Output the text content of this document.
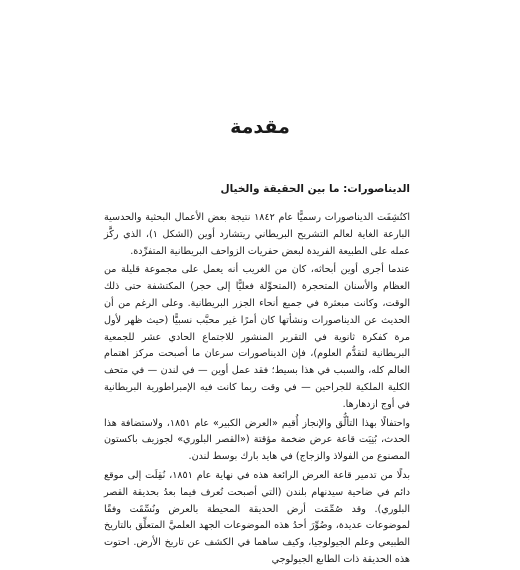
مقدمة
الديناصورات: ما بين الحقيقة والخيال

اكتُشِفَت الديناصورات رسميًّا عام ١٨٤٢ نتيجة بعض الأعمال البحثية والحدسية البارعة الغاية لعالم التشريح البريطاني ريتشارد أوين (الشكل ١)، الذي ركَّز عمله على الطبيعة الفريدة لبعض حفريات الزواحف البريطانية المتفرِّدة.

عندما أجرى أوين أبحاثه، كان من الغريب أنه يعمل على مجموعة قليلة من العظام والأسنان المتحجرة (المتحوِّلة فعليًّا إلى حجر) المكتشفة حتى ذلك الوقت، وكانت مبعثرة في جميع أنحاء الجزر البريطانية. وعلى الرغم من أن الحديث عن الديناصورات ونشأتها كان أمرًا غير محبَّب نسبيًّا (حيث ظهر لأول مرة كفكرة ثانوية في التقرير المنشور للاجتماع الحادي عشر للجمعية البريطانية لتقدُّم العلوم)، فإن الديناصورات سرعان ما أصبحت مركز اهتمام العالم كله، والسبب في هذا بسيط؛ فقد عمل أوين — في لندن — في متحف الكلية الملكية للجراحين — في وقت ربما كانت فيه الإمبراطورية البريطانية في أوج ازدهارها.

واحتفالًا بهذا التألُّق والإنجاز أُقيم «العرض الكبير» عام ١٨٥١، ولاستضافة هذا الحدث، بُنِيَت قاعة عرض ضخمة مؤقتة («القصر البلوري» لجوزيف باكستون المصنوع من الفولاذ والزجاج) في هايد بارك بوسط لندن.

بدلًا من تدمير قاعة العرض الرائعة هذه في نهاية عام ١٨٥١، نُقِلَت إلى موقع دائم في ضاحية سيدنهام بلندن (التي أصبحت تُعرف فيما بعدُ بحديقة القصر البلوري). وقد صُمِّمَت أرض الحديقة المحيطة بالعرض ونُسِّقَت وفقًا لموضوعات عديدة، وضُوِّرَ أحدُ هذه الموضوعات الجهد العلميَّ المتعلِّق بالتاريخ الطبيعي وعلم الجيولوجيا، وكيف ساهما في الكشف عن تاريخ الأرض. احتوت هذه الحديقة ذات الطابع الجيولوجي
